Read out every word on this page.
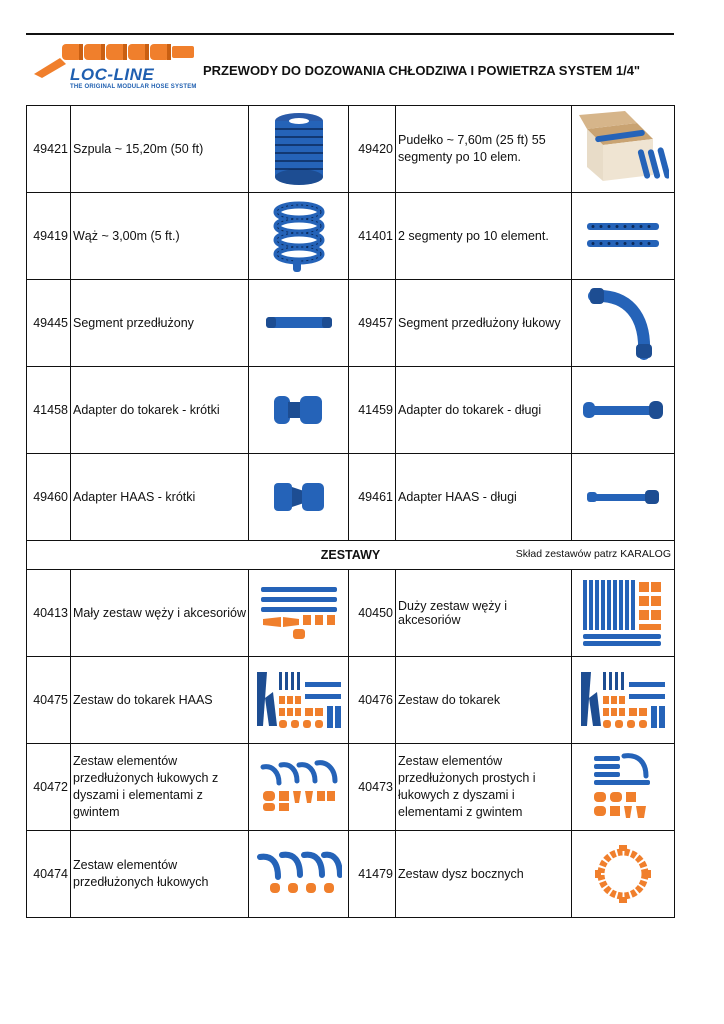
LOC-LINE
THE ORIGINAL MODULAR HOSE SYSTEM
PRZEWODY DO DOZOWANIA CHŁODZIWA I POWIETRZA SYSTEM 1/4"
49421	Szpula ~ 15,20m (50 ft)		49420	Pudełko ~ 7,60m (25 ft) 55 segmenty po 10 elem.	

49419	Wąż ~ 3,00m (5 ft.)		41401	2 segmenty po 10 element.	

49445	Segment przedłużony		49457	Segment przedłużony łukowy	

41458	Adapter do tokarek - krótki		41459	Adapter do tokarek - długi	

49460	Adapter HAAS - krótki		49461	Adapter HAAS - długi	

ZESTAWY Skład zestawów patrz KARALOG					

40413	Mały zestaw węży i akcesoriów		40450	Duży zestaw węży i akcesoriów	

40475	Zestaw do tokarek HAAS		40476	Zestaw do tokarek	

40472	Zestaw elementów przedłużonych łukowych z dyszami i elementami z gwintem		40473	Zestaw elementów przedłużonych prostych i łukowych z dyszami i elementami z gwintem	

40474	Zestaw elementów przedłużonych łukowych		41479	Zestaw dysz bocznych	
